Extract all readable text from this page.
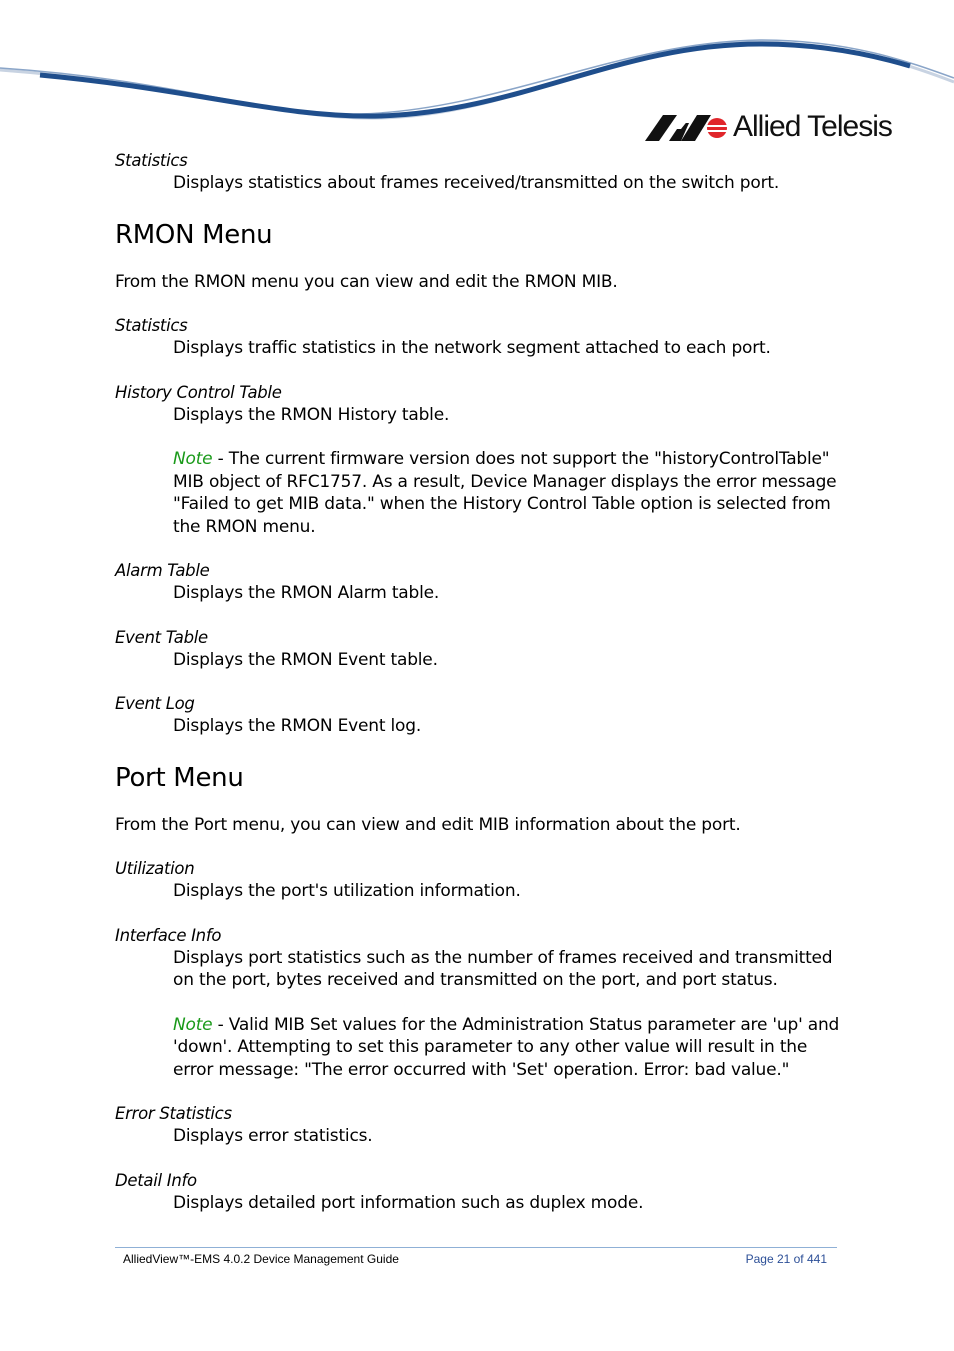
Allied Telesis

Statistics

Displays statistics about frames received/transmitted on the switch port.

RMON Menu

From the RMON menu you can view and edit the RMON MIB.

Statistics

Displays traffic statistics in the network segment attached to each port.

History Control Table

Displays the RMON History table.

Note - The current firmware version does not support the "historyControlTable" MIB object of RFC1757. As a result, Device Manager displays the error message "Failed to get MIB data." when the History Control Table option is selected from the RMON menu.

Alarm Table

Displays the RMON Alarm table.

Event Table

Displays the RMON Event table.

Event Log

Displays the RMON Event log.

Port Menu

From the Port menu, you can view and edit MIB information about the port.

Utilization

Displays the port's utilization information.

Interface Info

Displays port statistics such as the number of frames received and transmitted on the port, bytes received and transmitted on the port, and port status.

Note - Valid MIB Set values for the Administration Status parameter are 'up' and 'down'. Attempting to set this parameter to any other value will result in the error message: "The error occurred with 'Set' operation. Error: bad value."

Error Statistics

Displays error statistics.

Detail Info

Displays detailed port information such as duplex mode.

AlliedView™-EMS 4.0.2 Device Management Guide	Page 21 of 441
